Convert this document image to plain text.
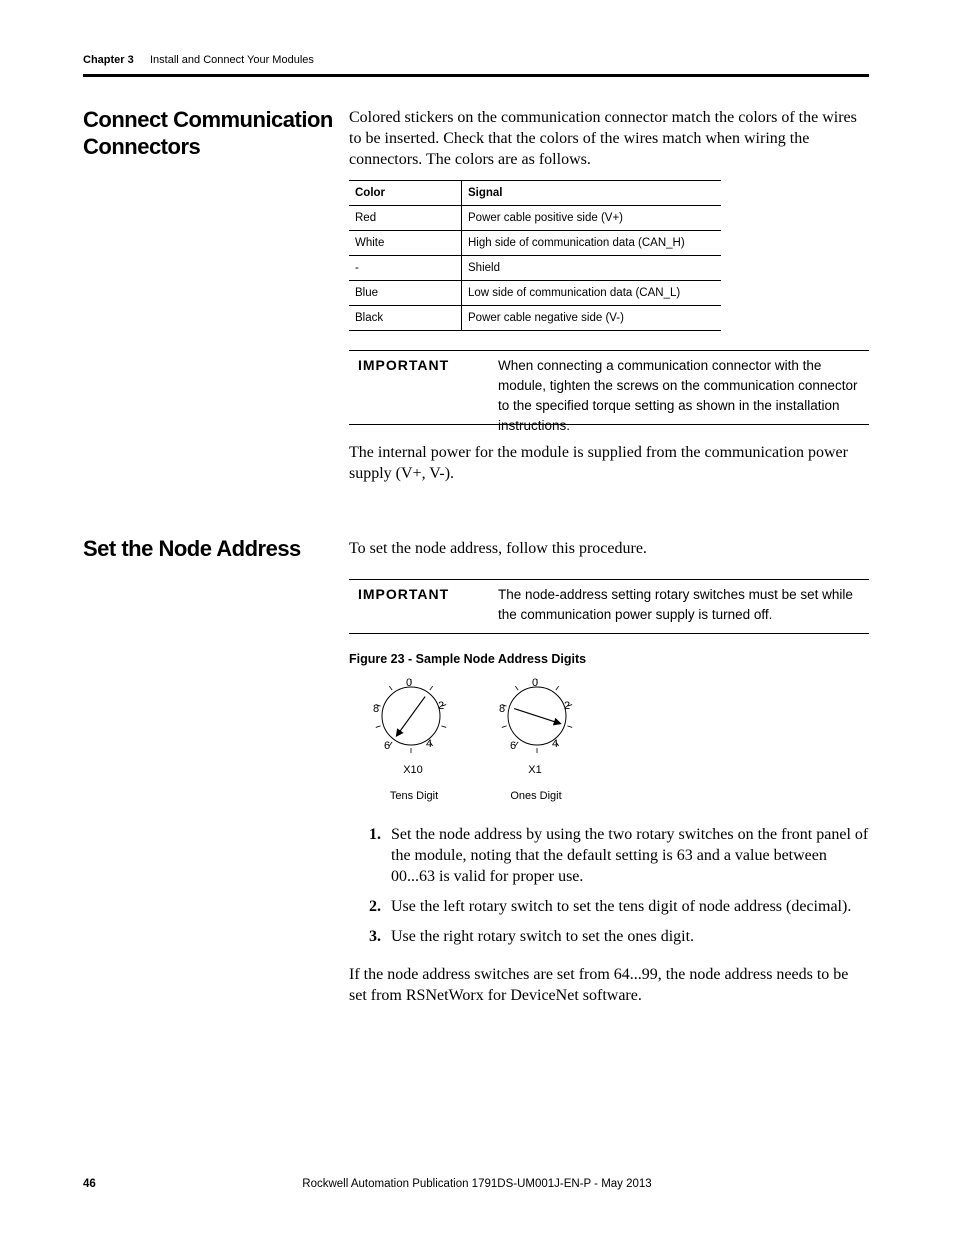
Chapter 3 Install and Connect Your Modules
Connect Communication
Connectors
Colored stickers on the communication connector match the colors of the wires to be inserted. Check that the colors of the wires match when wiring the connectors. The colors are as follows.
Color	Signal
Red	Power cable positive side (V+)
White	High side of communication data (CAN_H)
-	Shield
Blue	Low side of communication data (CAN_L)
Black	Power cable negative side (V-)
IMPORTANT	When connecting a communication connector with the module, tighten the screws on the communication connector to the specified torque setting as shown in the installation instructions.
The internal power for the module is supplied from the communication power supply (V+, V-).
Set the Node Address	To set the node address, follow this procedure.
IMPORTANT	The node-address setting rotary switches must be set while the communication power supply is turned off.
Figure 23 - Sample Node Address Digits
0
2
4
6
8
X10
Tens Digit
0
2
4
6
8
X1
Ones Digit
1. Set the node address by using the two rotary switches on the front panel of the module, noting that the default setting is 63 and a value between 00...63 is valid for proper use.
2. Use the left rotary switch to set the tens digit of node address (decimal).
3. Use the right rotary switch to set the ones digit.
If the node address switches are set from 64...99, the node address needs to be set from RSNetWorx for DeviceNet software.
46	Rockwell Automation Publication 1791DS-UM001J-EN-P - May 2013
